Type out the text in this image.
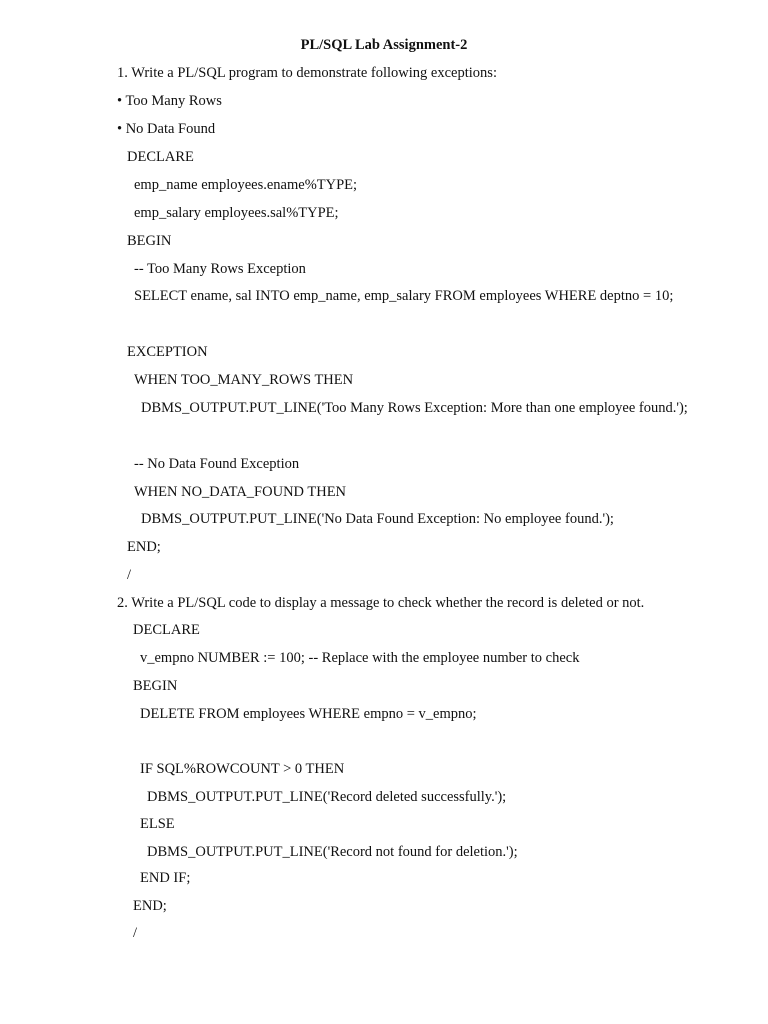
PL/SQL Lab Assignment-2
1. Write a PL/SQL program to demonstrate following exceptions:
• Too Many Rows
• No Data Found
DECLARE
emp_name employees.ename%TYPE;
emp_salary employees.sal%TYPE;
BEGIN
-- Too Many Rows Exception
SELECT ename, sal INTO emp_name, emp_salary FROM employees WHERE deptno = 10;
EXCEPTION
WHEN TOO_MANY_ROWS THEN
DBMS_OUTPUT.PUT_LINE('Too Many Rows Exception: More than one employee found.');
-- No Data Found Exception
WHEN NO_DATA_FOUND THEN
DBMS_OUTPUT.PUT_LINE('No Data Found Exception: No employee found.');
END;
/
2. Write a PL/SQL code to display a message to check whether the record is deleted or not.
DECLARE
v_empno NUMBER := 100; -- Replace with the employee number to check
BEGIN
DELETE FROM employees WHERE empno = v_empno;
IF SQL%ROWCOUNT > 0 THEN
DBMS_OUTPUT.PUT_LINE('Record deleted successfully.');
ELSE
DBMS_OUTPUT.PUT_LINE('Record not found for deletion.');
END IF;
END;
/
